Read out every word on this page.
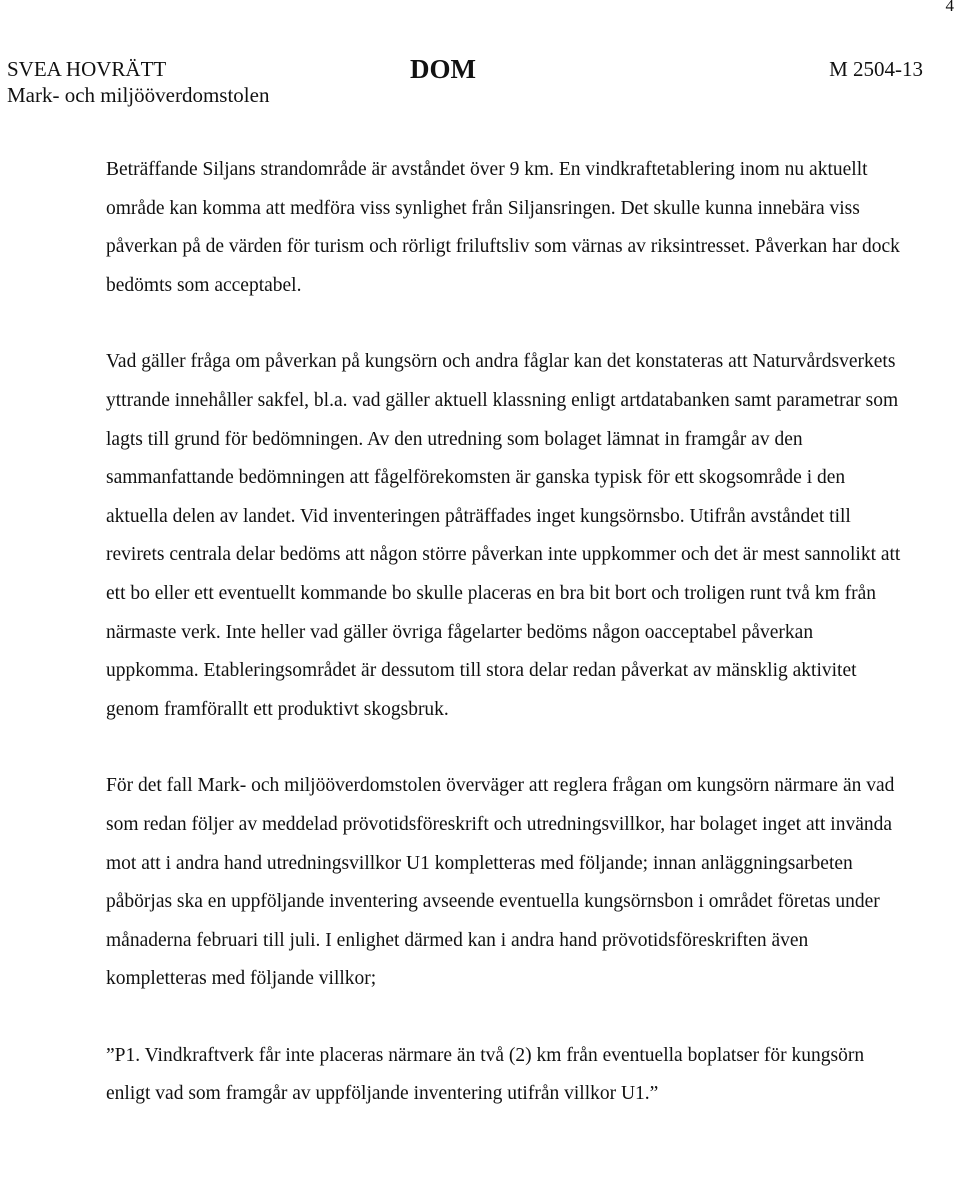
4
SVEA HOVRÄTT
Mark- och miljööverdomstolen
DOM	M 2504-13

Beträffande Siljans strandområde är avståndet över 9 km. En vindkraftetablering inom nu aktuellt område kan komma att medföra viss synlighet från Siljansringen. Det skulle kunna innebära viss påverkan på de värden för turism och rörligt friluftsliv som värnas av riksintresset. Påverkan har dock bedömts som acceptabel.

Vad gäller fråga om påverkan på kungsörn och andra fåglar kan det konstateras att Naturvårdsverkets yttrande innehåller sakfel, bl.a. vad gäller aktuell klassning enligt artdatabanken samt parametrar som lagts till grund för bedömningen. Av den utredning som bolaget lämnat in framgår av den sammanfattande bedömningen att fågelförekomsten är ganska typisk för ett skogsområde i den aktuella delen av landet. Vid inventeringen påträffades inget kungsörnsbo. Utifrån avståndet till revirets centrala delar bedöms att någon större påverkan inte uppkommer och det är mest sannolikt att ett bo eller ett eventuellt kommande bo skulle placeras en bra bit bort och troligen runt två km från närmaste verk. Inte heller vad gäller övriga fågelarter bedöms någon oacceptabel påverkan uppkomma. Etableringsområdet är dessutom till stora delar redan påverkat av mänsklig aktivitet genom framförallt ett produktivt skogsbruk.

För det fall Mark- och miljööverdomstolen överväger att reglera frågan om kungsörn närmare än vad som redan följer av meddelad prövotidsföreskrift och utredningsvillkor, har bolaget inget att invända mot att i andra hand utredningsvillkor U1 kompletteras med följande; innan anläggningsarbeten påbörjas ska en uppföljande inventering avseende eventuella kungsörnsbon i området företas under månaderna februari till juli. I enlighet därmed kan i andra hand prövotidsföreskriften även kompletteras med följande villkor;

”P1. Vindkraftverk får inte placeras närmare än två (2) km från eventuella boplatser för kungsörn enligt vad som framgår av uppföljande inventering utifrån villkor U1.”
